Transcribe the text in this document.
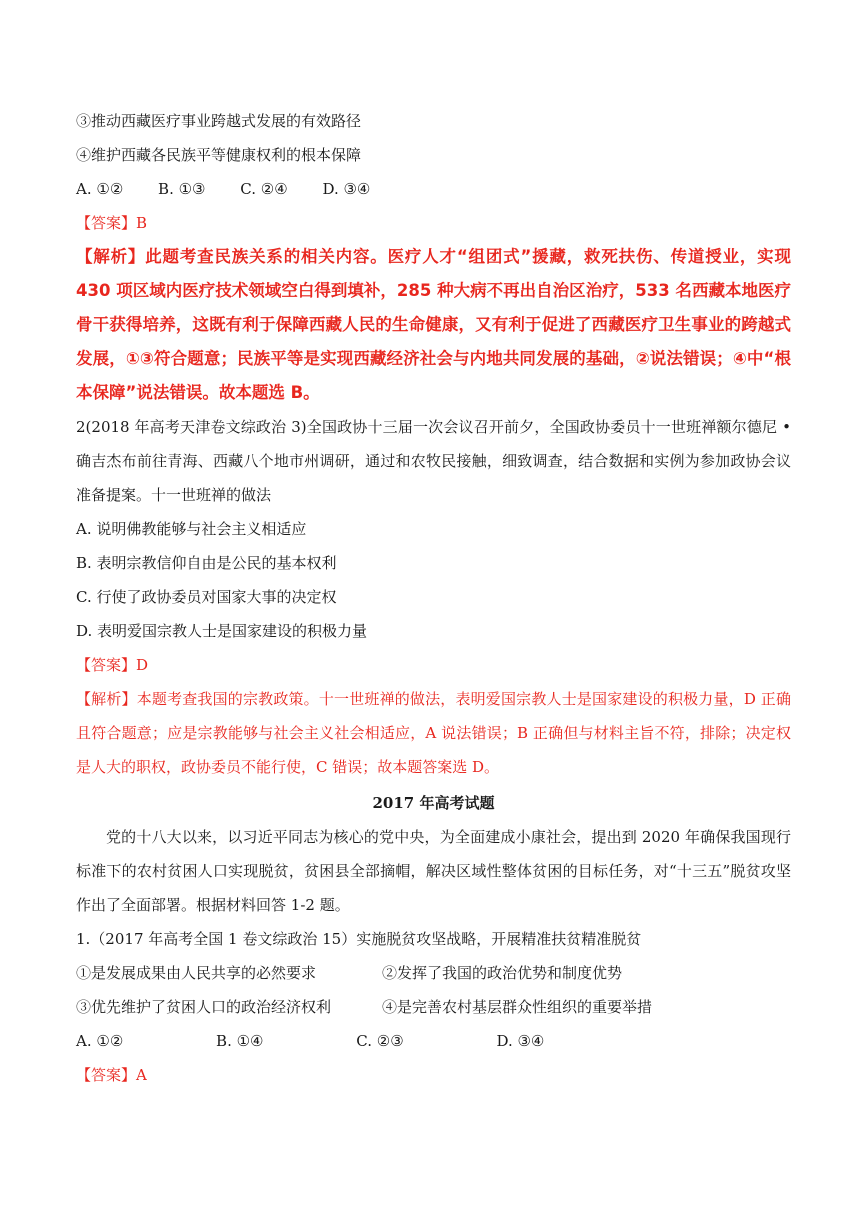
③推动西藏医疗事业跨越式发展的有效路径
④维护西藏各民族平等健康权利的根本保障
A. ①② B. ①③ C. ②④ D. ③④
【答案】B
【解析】此题考查民族关系的相关内容。医疗人才“组团式”援藏，救死扶伤、传道授业，实现 430 项区域内医疗技术领域空白得到填补，285 种大病不再出自治区治疗，533 名西藏本地医疗骨干获得培养，这既有利于保障西藏人民的生命健康，又有利于促进了西藏医疗卫生事业的跨越式发展，①③符合题意；民族平等是实现西藏经济社会与内地共同发展的基础，②说法错误；④中“根本保障”说法错误。故本题选 B。
2(2018 年高考天津卷文综政治 3)全国政协十三届一次会议召开前夕，全国政协委员十一世班禅额尔德尼 •确吉杰布前往青海、西藏八个地市州调研，通过和农牧民接触，细致调查，结合数据和实例为参加政协会议准备提案。十一世班禅的做法
A. 说明佛教能够与社会主义相适应
B. 表明宗教信仰自由是公民的基本权利
C. 行使了政协委员对国家大事的决定权
D. 表明爱国宗教人士是国家建设的积极力量
【答案】D
【解析】本题考查我国的宗教政策。十一世班禅的做法，表明爱国宗教人士是国家建设的积极力量，D 正确且符合题意；应是宗教能够与社会主义社会相适应，A 说法错误；B 正确但与材料主旨不符，排除；决定权是人大的职权，政协委员不能行使，C 错误；故本题答案选 D。
2017 年高考试题
党的十八大以来，以习近平同志为核心的党中央，为全面建成小康社会，提出到 2020 年确保我国现行标准下的农村贫困人口实现脱贫，贫困县全部摘帽，解决区域性整体贫困的目标任务，对“十三五”脱贫攻坚作出了全面部署。根据材料回答 1-2 题。
1.（2017 年高考全国 1 卷文综政治 15）实施脱贫攻坚战略，开展精准扶贫精准脱贫
①是发展成果由人民共享的必然要求	②发挥了我国的政治优势和制度优势
③优先维护了贫困人口的政治经济权利	④是完善农村基层群众性组织的重要举措
A. ①②	B. ①④	C. ②③	D. ③④
【答案】A
